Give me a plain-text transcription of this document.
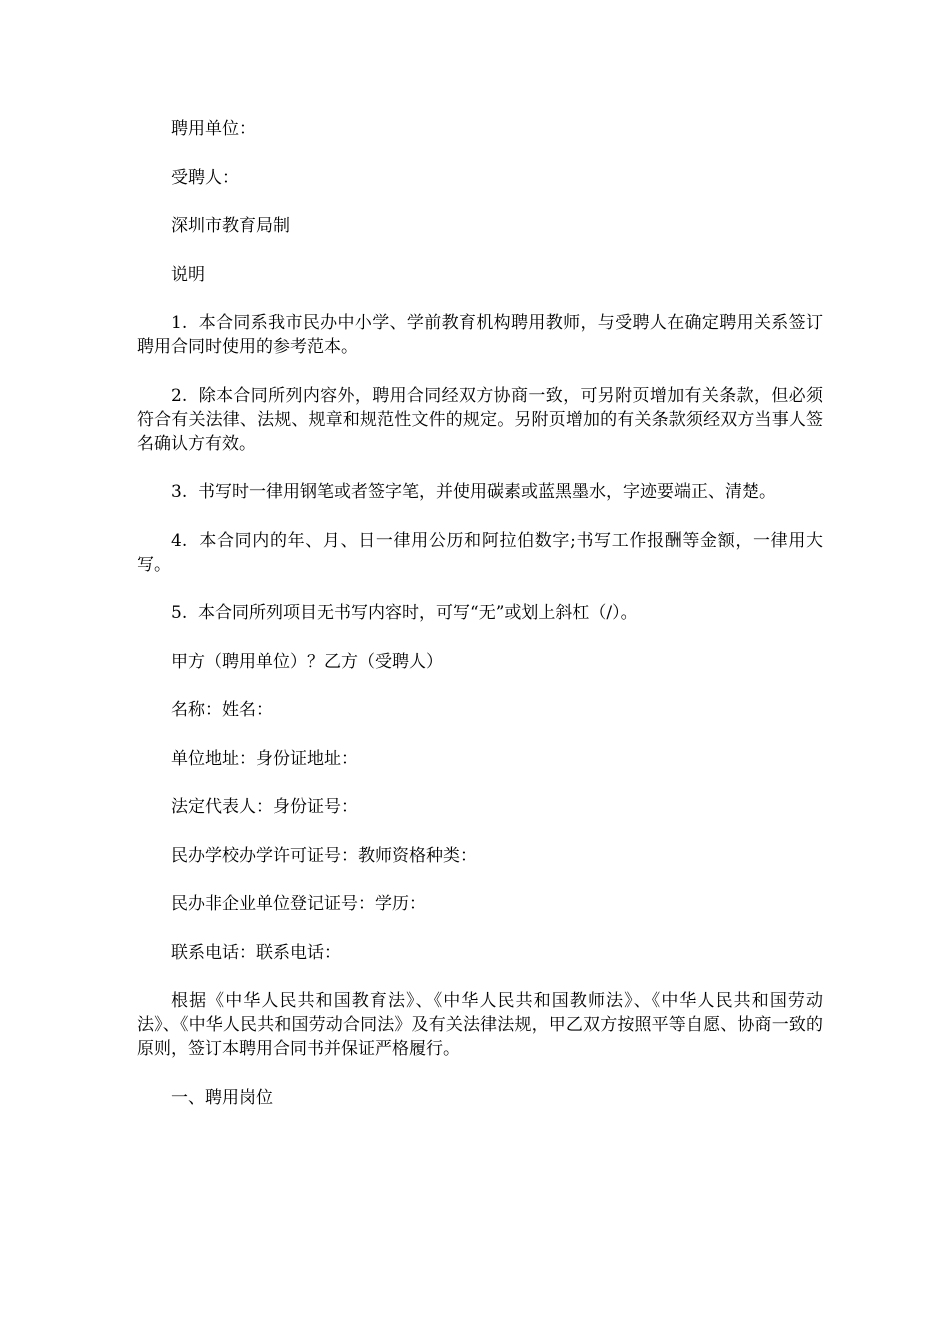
聘用单位：

受聘人：

深圳市教育局制

说明

1.  本合同系我市民办中小学、学前教育机构聘用教师，与受聘人在确定聘用关系签订聘用合同时使用的参考范本。

2.  除本合同所列内容外，聘用合同经双方协商一致，可另附页增加有关条款，但必须符合有关法律、法规、规章和规范性文件的规定。另附页增加的有关条款须经双方当事人签名确认方有效。

3.  书写时一律用钢笔或者签字笔，并使用碳素或蓝黑墨水，字迹要端正、清楚。

4.  本合同内的年、月、日一律用公历和阿拉伯数字;书写工作报酬等金额，一律用大写。

5.  本合同所列项目无书写内容时，可写“无”或划上斜杠（/）。

甲方（聘用单位）？乙方（受聘人）

名称：姓名：

单位地址：身份证地址：

法定代表人：身份证号：

民办学校办学许可证号：教师资格种类：

民办非企业单位登记证号：学历：

联系电话：联系电话：

根据《中华人民共和国教育法》、《中华人民共和国教师法》、《中华人民共和国劳动法》、《中华人民共和国劳动合同法》及有关法律法规，甲乙双方按照平等自愿、协商一致的原则，签订本聘用合同书并保证严格履行。

一、聘用岗位
